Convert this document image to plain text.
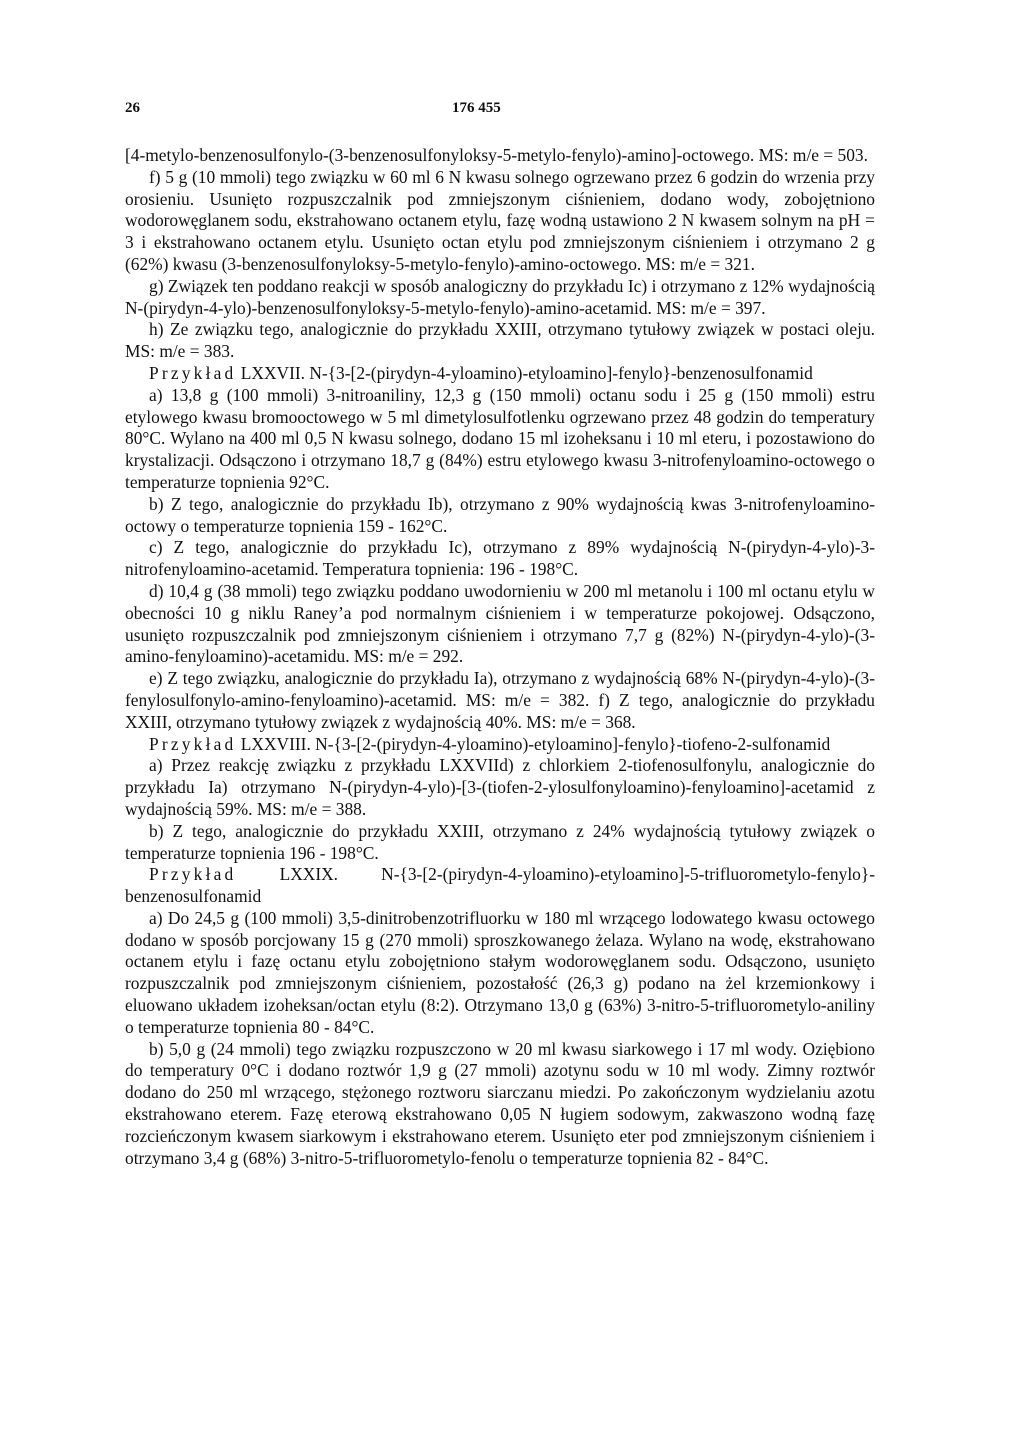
26	176 455

[4-metylo-benzenosulfonylo-(3-benzenosulfonyloksy-5-metylo-fenylo)-amino]-octowego. MS: m/e = 503.

f) 5 g (10 mmoli) tego związku w 60 ml 6 N kwasu solnego ogrzewano przez 6 godzin do wrzenia przy orosieniu. Usunięto rozpuszczalnik pod zmniejszonym ciśnieniem, dodano wody, zobojętniono wodorowęglanem sodu, ekstrahowano octanem etylu, fazę wodną ustawiono 2 N kwasem solnym na pH = 3 i ekstrahowano octanem etylu. Usunięto octan etylu pod zmniejszonym ciśnieniem i otrzymano 2 g (62%) kwasu (3-benzenosulfonyloksy-5-metylo-fenylo)-amino-octowego. MS: m/e = 321.

g) Związek ten poddano reakcji w sposób analogiczny do przykładu Ic) i otrzymano z 12% wydajnością N-(pirydyn-4-ylo)-benzenosulfonyloksy-5-metylo-fenylo)-amino-acetamid. MS: m/e = 397.

h) Ze związku tego, analogicznie do przykładu XXIII, otrzymano tytułowy związek w postaci oleju. MS: m/e = 383.

Przykład LXXVII. N-{3-[2-(pirydyn-4-yloamino)-etyloamino]-fenylo}-benzenosulfonamid

a) 13,8 g (100 mmoli) 3-nitroaniliny, 12,3 g (150 mmoli) octanu sodu i 25 g (150 mmoli) estru etylowego kwasu bromooctowego w 5 ml dimetylosulfotlenku ogrzewano przez 48 godzin do temperatury 80°C. Wylano na 400 ml 0,5 N kwasu solnego, dodano 15 ml izoheksanu i 10 ml eteru, i pozostawiono do krystalizacji. Odsączono i otrzymano 18,7 g (84%) estru etylowego kwasu 3-nitrofenyloamino-octowego o temperaturze topnienia 92°C.

b) Z tego, analogicznie do przykładu Ib), otrzymano z 90% wydajnością kwas 3-nitrofenyloamino-octowy o temperaturze topnienia 159 - 162°C.

c) Z tego, analogicznie do przykładu Ic), otrzymano z 89% wydajnością N-(pirydyn-4-ylo)-3-nitrofenyloamino-acetamid. Temperatura topnienia: 196 - 198°C.

d) 10,4 g (38 mmoli) tego związku poddano uwodornieniu w 200 ml metanolu i 100 ml octanu etylu w obecności 10 g niklu Raney’a pod normalnym ciśnieniem i w temperaturze pokojowej. Odsączono, usunięto rozpuszczalnik pod zmniejszonym ciśnieniem i otrzymano 7,7 g (82%) N-(pirydyn-4-ylo)-(3-amino-fenyloamino)-acetamidu. MS: m/e = 292.

e) Z tego związku, analogicznie do przykładu Ia), otrzymano z wydajnością 68% N-(pirydyn-4-ylo)-(3-fenylosulfonylo-amino-fenyloamino)-acetamid. MS: m/e = 382. f) Z tego, analogicznie do przykładu XXIII, otrzymano tytułowy związek z wydajnością 40%. MS: m/e = 368.

Przykład LXXVIII. N-{3-[2-(pirydyn-4-yloamino)-etyloamino]-fenylo}-tiofeno-2-sulfonamid

a) Przez reakcję związku z przykładu LXXVIId) z chlorkiem 2-tiofenosulfonylu, analogicznie do przykładu Ia) otrzymano N-(pirydyn-4-ylo)-[3-(tiofen-2-ylosulfonyloamino)-fenyloamino]-acetamid z wydajnością 59%. MS: m/e = 388.

b) Z tego, analogicznie do przykładu XXIII, otrzymano z 24% wydajnością tytułowy związek o temperaturze topnienia 196 - 198°C.

Przykład LXXIX. N-{3-[2-(pirydyn-4-yloamino)-etyloamino]-5-trifluorometylo-fenylo}-benzenosulfonamid

a) Do 24,5 g (100 mmoli) 3,5-dinitrobenzotrifluorku w 180 ml wrzącego lodowatego kwasu octowego dodano w sposób porcjowany 15 g (270 mmoli) sproszkowanego żelaza. Wylano na wodę, ekstrahowano octanem etylu i fazę octanu etylu zobojętniono stałym wodorowęglanem sodu. Odsączono, usunięto rozpuszczalnik pod zmniejszonym ciśnieniem, pozostałość (26,3 g) podano na żel krzemionkowy i eluowano układem izoheksan/octan etylu (8:2). Otrzymano 13,0 g (63%) 3-nitro-5-trifluorometylo-aniliny o temperaturze topnienia 80 - 84°C.

b) 5,0 g (24 mmoli) tego związku rozpuszczono w 20 ml kwasu siarkowego i 17 ml wody. Oziębiono do temperatury 0°C i dodano roztwór 1,9 g (27 mmoli) azotynu sodu w 10 ml wody. Zimny roztwór dodano do 250 ml wrzącego, stężonego roztworu siarczanu miedzi. Po zakończonym wydzielaniu azotu ekstrahowano eterem. Fazę eterową ekstrahowano 0,05 N ługiem sodowym, zakwaszono wodną fazę rozcieńczonym kwasem siarkowym i ekstrahowano eterem. Usunięto eter pod zmniejszonym ciśnieniem i otrzymano 3,4 g (68%) 3-nitro-5-trifluorometylo-fenolu o temperaturze topnienia 82 - 84°C.
